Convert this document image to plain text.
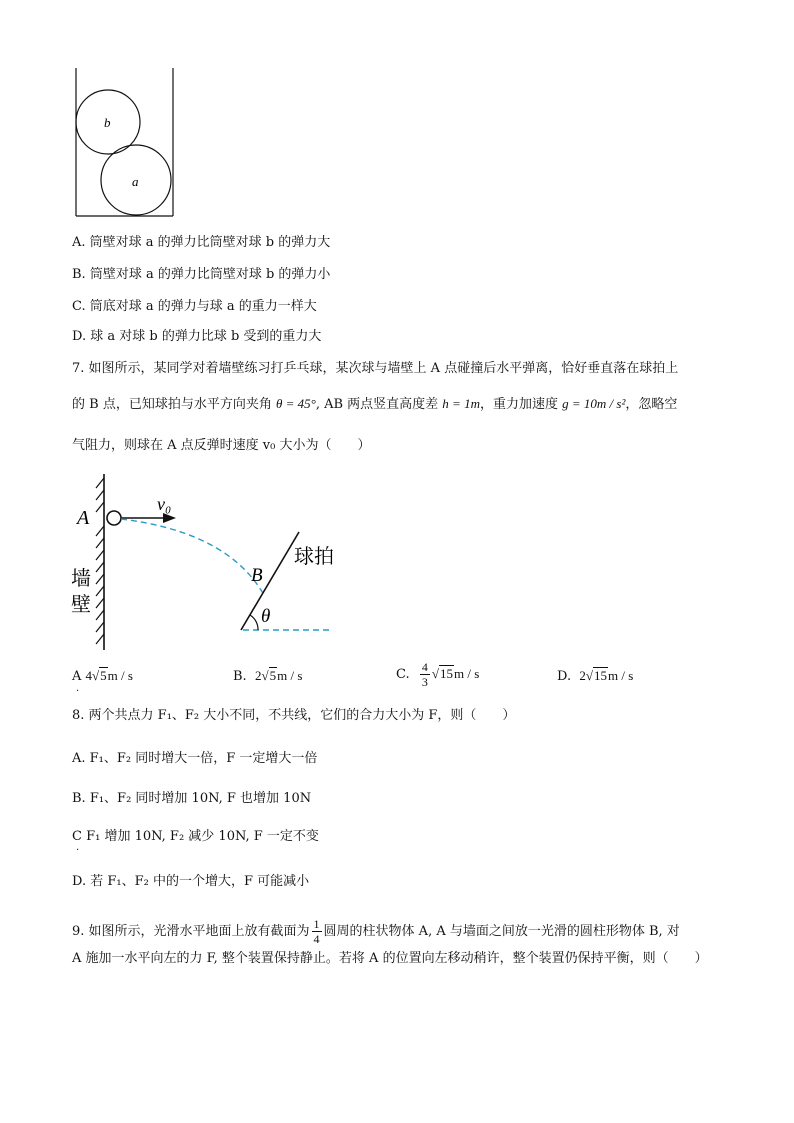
b
a
A. 筒壁对球 a 的弹力比筒壁对球 b 的弹力大
B. 筒壁对球 a 的弹力比筒壁对球 b 的弹力小
C. 筒底对球 a 的弹力与球 a 的重力一样大
D. 球 a 对球 b 的弹力比球 b 受到的重力大
7. 如图所示，某同学对着墙壁练习打乒乓球，某次球与墙壁上 A 点碰撞后水平弹离，恰好垂直落在球拍上
的 B 点，已知球拍与水平方向夹角 θ = 45°, AB 两点竖直高度差 h = 1m，重力加速度 g = 10m / s²，忽略空
气阻力，则球在 A 点反弹时速度 v₀ 大小为（　　）
A
v₀
B
球拍
墙
壁
θ
A 4√5m / s
.
B. 2√5m / s	C. $\frac{4}{3} √15m$ / s	D. 2√15m / s
8. 两个共点力 F₁、F₂ 大小不同，不共线，它们的合力大小为 F，则（　　）
A. F₁、F₂ 同时增大一倍，F 一定增大一倍
B. F₁、F₂ 同时增加 10N, F 也增加 10N
C F₁ 增加 10N, F₂ 减少 10N, F 一定不变
.
D. 若 F₁、F₂ 中的一个增大，F 可能减小
9. 如图所示，光滑水平地面上放有截面为 $\frac{1}{4}$ 圆周的柱状物体 A, A 与墙面之间放一光滑的圆柱形物体 B, 对
A 施加一水平向左的力 F, 整个装置保持静止。若将 A 的位置向左移动稍许，整个装置仍保持平衡，则（　　）
